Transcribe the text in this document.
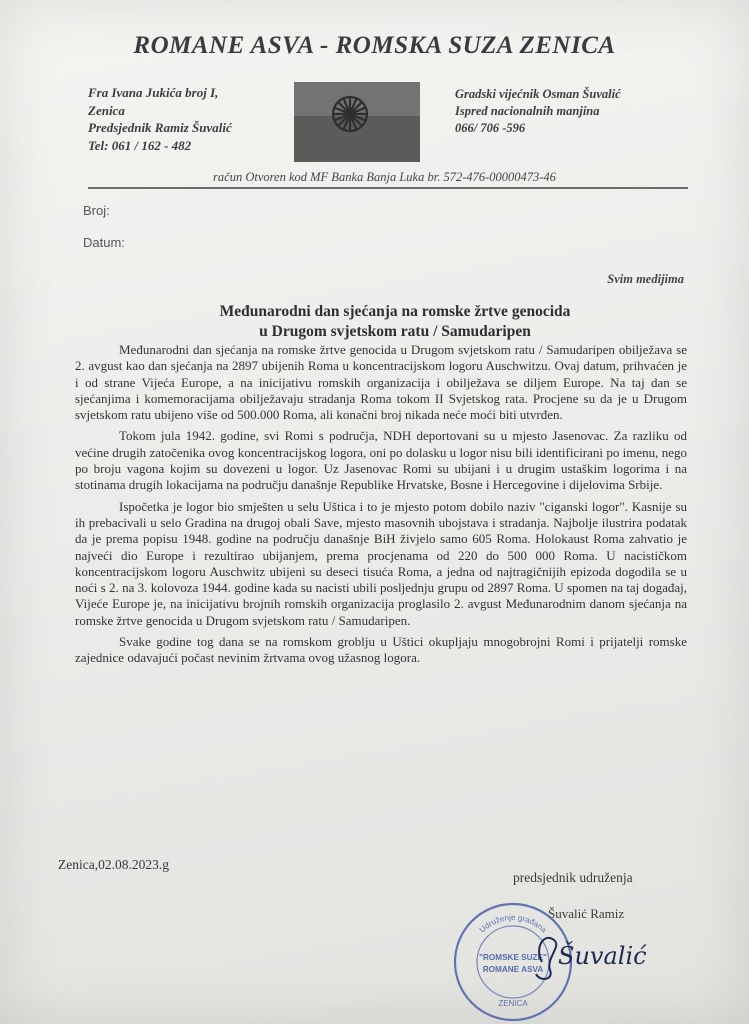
ROMANE ASVA - ROMSKA SUZA ZENICA
Fra Ivana Jukića broj I,
Zenica
Predsjednik Ramiz Šuvalić
Tel: 061 / 162 - 482
Gradski vijećnik Osman Šuvalić
Ispred nacionalnih manjina
066/ 706 -596
račun Otvoren kod MF Banka Banja Luka br. 572-476-00000473-46
Broj:
Datum:
Svim medijima
Međunarodni dan sjećanja na romske žrtve genocida
u Drugom svjetskom ratu / Samudaripen

Međunarodni dan sjećanja na romske žrtve genocida u Drugom svjetskom ratu / Samudaripen obilježava se 2. avgust kao dan sjećanja na 2897 ubijenih Roma u koncentracijskom logoru Auschwitzu. Ovaj datum, prihvaćen je i od strane Vijeća Europe, a na inicijativu romskih organizacija i obilježava se diljem Europe. Na taj dan se sjećanjima i komemoracijama obilježavaju stradanja Roma tokom II Svjetskog rata. Procjene su da je u Drugom svjetskom ratu ubijeno više od 500.000 Roma, ali konačni broj nikada neće moći biti utvrđen.

Tokom jula 1942. godine, svi Romi s područja, NDH deportovani su u mjesto Jasenovac. Za razliku od većine drugih zatočenika ovog koncentracijskog logora, oni po dolasku u logor nisu bili identificirani po imenu, nego po broju vagona kojim su dovezeni u logor. Uz Jasenovac Romi su ubijani i u drugim ustaškim logorima i na stotinama drugih lokacijama na području današnje Republike Hrvatske, Bosne i Hercegovine i dijelovima Srbije.

Ispočetka je logor bio smješten u selu Uštica i to je mjesto potom dobilo naziv "ciganski logor". Kasnije su ih prebacivali u selo Gradina na drugoj obali Save, mjesto masovnih ubojstava i stradanja. Najbolje ilustrira podatak da je prema popisu 1948. godine na području današnje BiH živjelo samo 605 Roma. Holokaust Roma zahvatio je najveći dio Europe i rezultirao ubijanjem, prema procjenama od 220 do 500 000 Roma. U nacističkom koncentracijskom logoru Auschwitz ubijeni su deseci tisuća Roma, a jedna od najtragičnijih epizoda dogodila se u noći s 2. na 3. kolovoza 1944. godine kada su nacisti ubili posljednju grupu od 2897 Roma. U spomen na taj događaj, Vijeće Europe je, na inicijativu brojnih romskih organizacija proglasilo 2. avgust Međunarodnim danom sjećanja na romske žrtve genocida u Drugom svjetskom ratu / Samudaripen.

Svake godine tog dana se na romskom groblju u Uštici okupljaju mnogobrojni Romi i prijatelji romske zajednice odavajući počast nevinim žrtvama ovog užasnog logora.

Zenica,02.08.2023.g
predsjednik udruženja
Šuvalić Ramiz
Udruženje građana
"ROMSKE SUZE"
ROMANE ASVA
ZENICA
Šuvalić
